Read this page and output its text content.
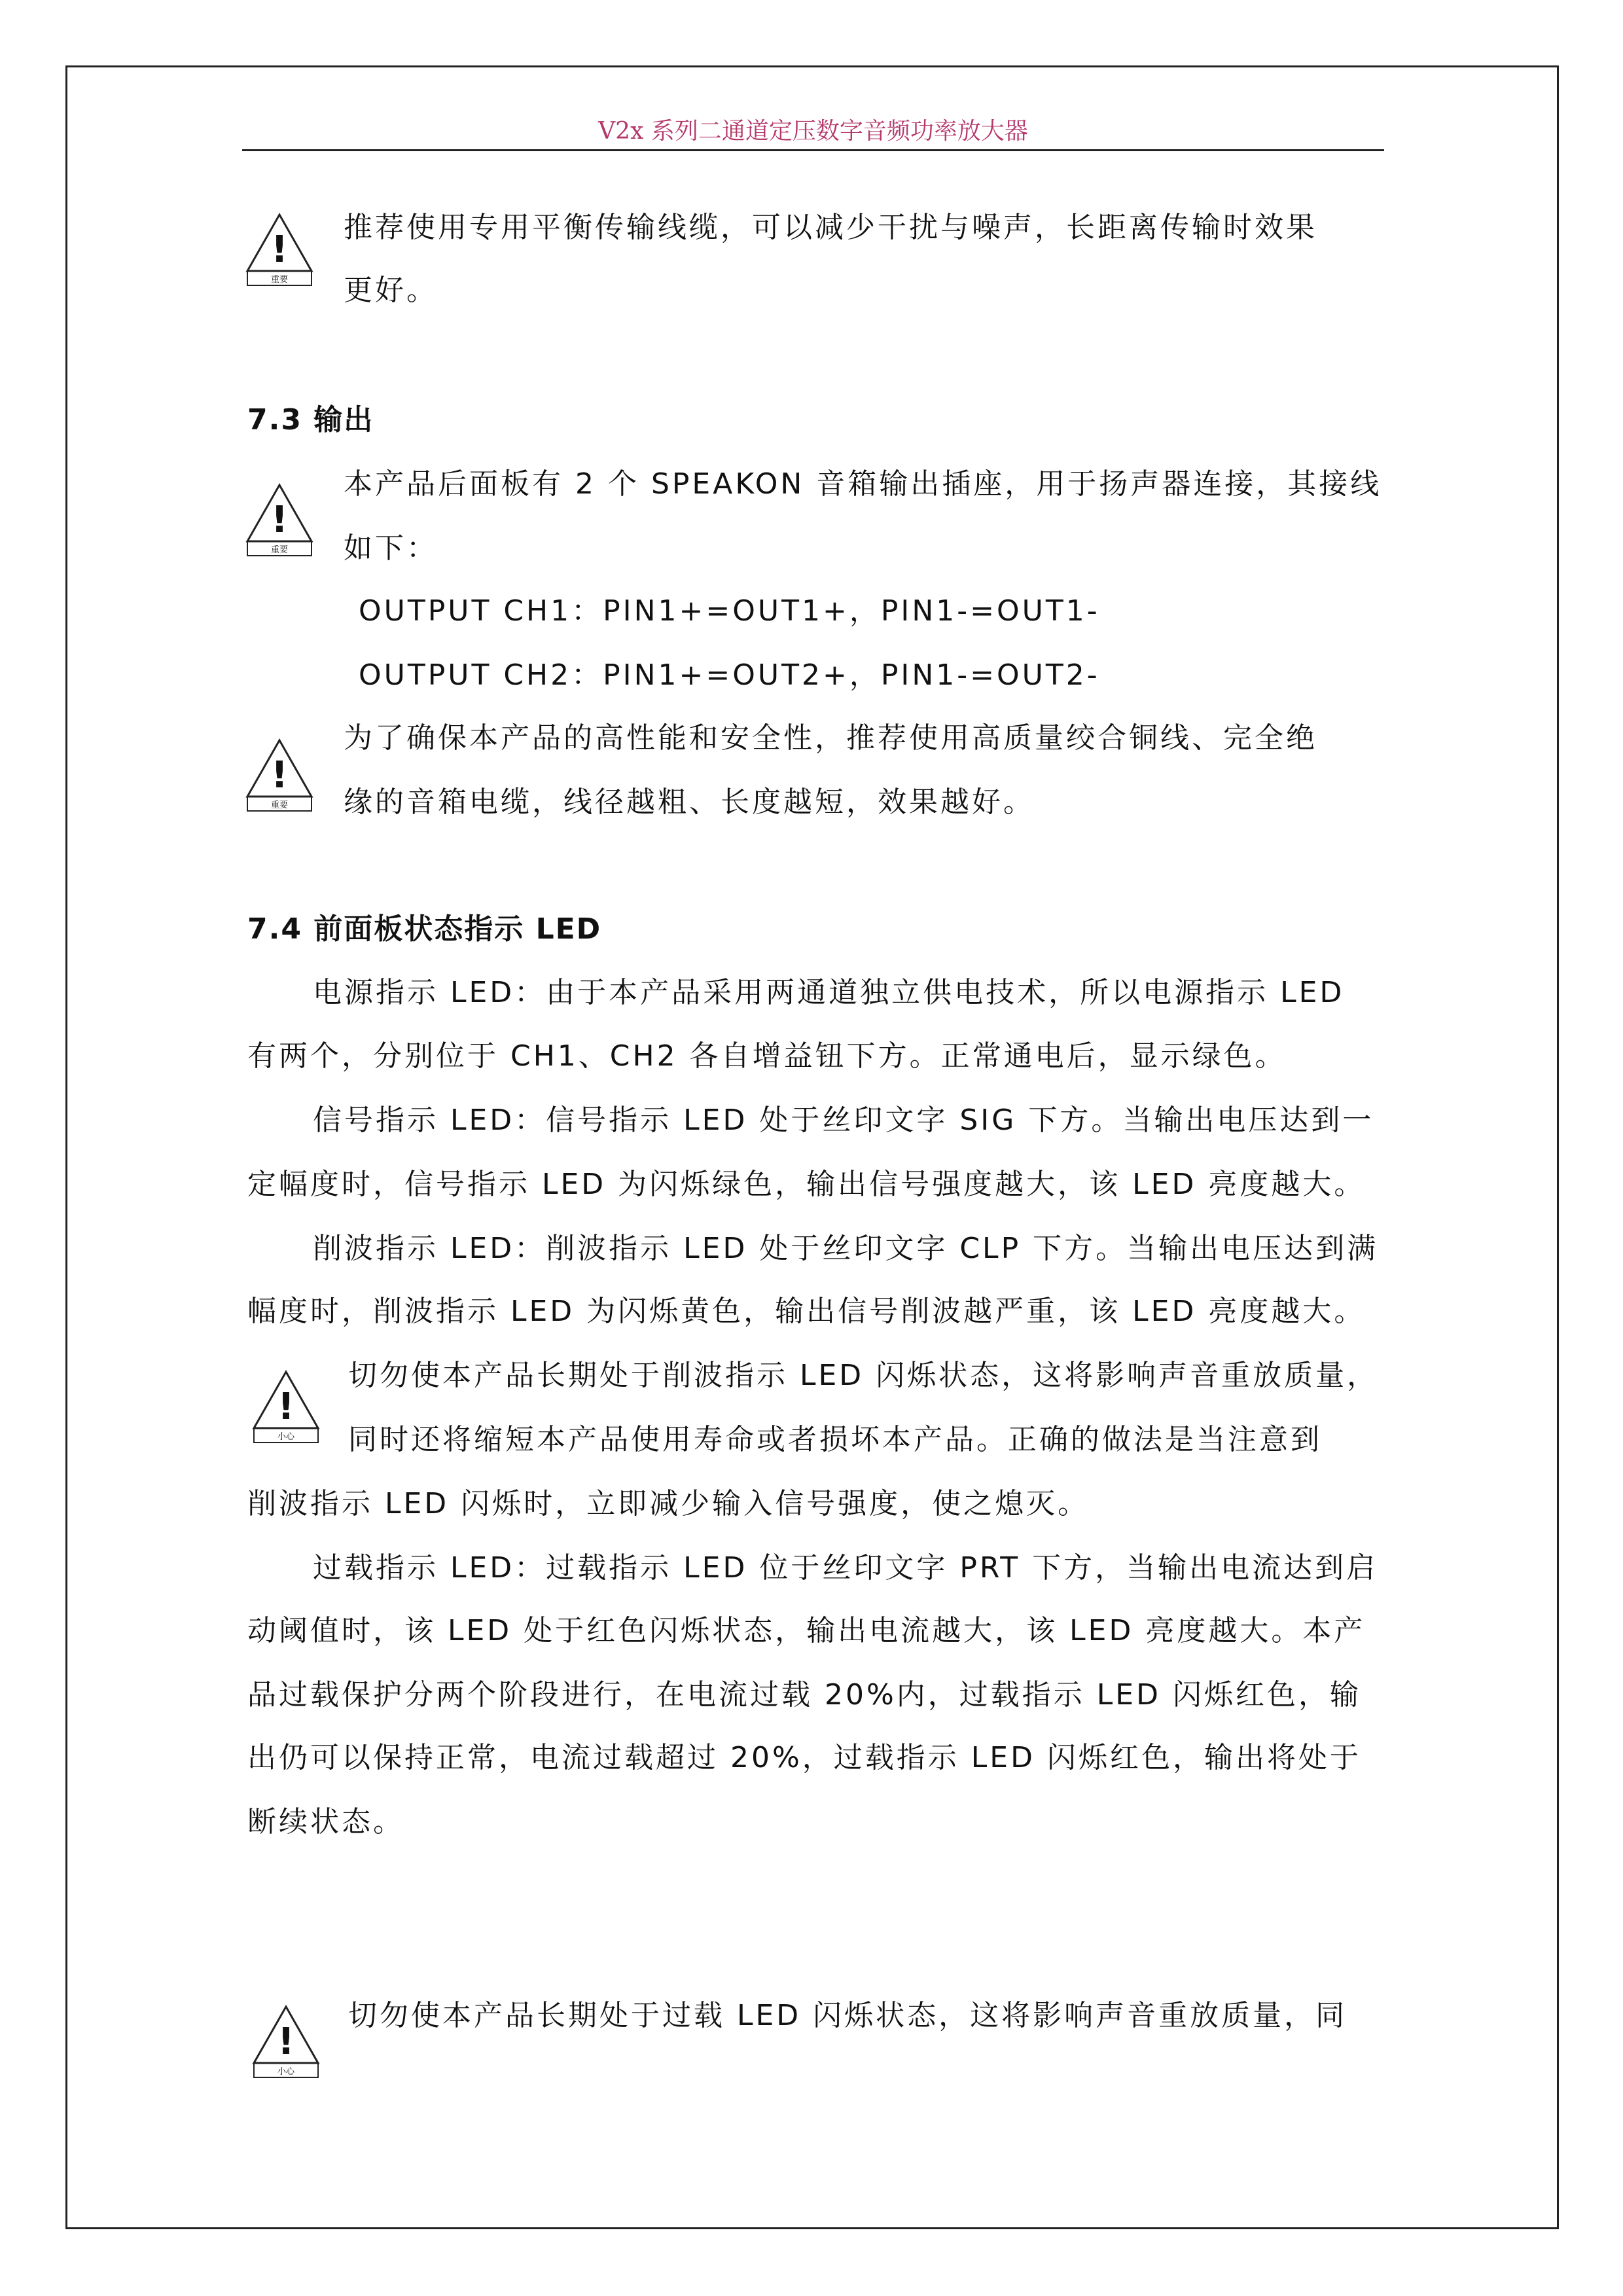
V2x 系列二通道定压数字音频功率放大器
!
重要
推荐使用专用平衡传输线缆，可以减少干扰与噪声，长距离传输时效果
更好。
7.3 输出
!
重要
本产品后面板有 2 个 SPEAKON 音箱输出插座，用于扬声器连接，其接线
如下：
OUTPUT CH1：PIN1+=OUT1+，PIN1-=OUT1-
OUTPUT CH2：PIN1+=OUT2+，PIN1-=OUT2-
!
重要
为了确保本产品的高性能和安全性，推荐使用高质量绞合铜线、完全绝
缘的音箱电缆，线径越粗、长度越短，效果越好。
7.4 前面板状态指示 LED
电源指示 LED：由于本产品采用两通道独立供电技术，所以电源指示 LED
有两个，分别位于 CH1、CH2 各自增益钮下方。正常通电后，显示绿色。
信号指示 LED：信号指示 LED 处于丝印文字 SIG 下方。当输出电压达到一
定幅度时，信号指示 LED 为闪烁绿色，输出信号强度越大，该 LED 亮度越大。
削波指示 LED：削波指示 LED 处于丝印文字 CLP 下方。当输出电压达到满
幅度时，削波指示 LED 为闪烁黄色，输出信号削波越严重，该 LED 亮度越大。
!
小心
切勿使本产品长期处于削波指示 LED 闪烁状态，这将影响声音重放质量，
同时还将缩短本产品使用寿命或者损坏本产品。正确的做法是当注意到
削波指示 LED 闪烁时，立即减少输入信号强度，使之熄灭。
过载指示 LED：过载指示 LED 位于丝印文字 PRT 下方，当输出电流达到启
动阈值时，该 LED 处于红色闪烁状态，输出电流越大，该 LED 亮度越大。本产
品过载保护分两个阶段进行，在电流过载 20%内，过载指示 LED 闪烁红色，输
出仍可以保持正常，电流过载超过 20%，过载指示 LED 闪烁红色，输出将处于
断续状态。
!
小心
切勿使本产品长期处于过载 LED 闪烁状态，这将影响声音重放质量，同
